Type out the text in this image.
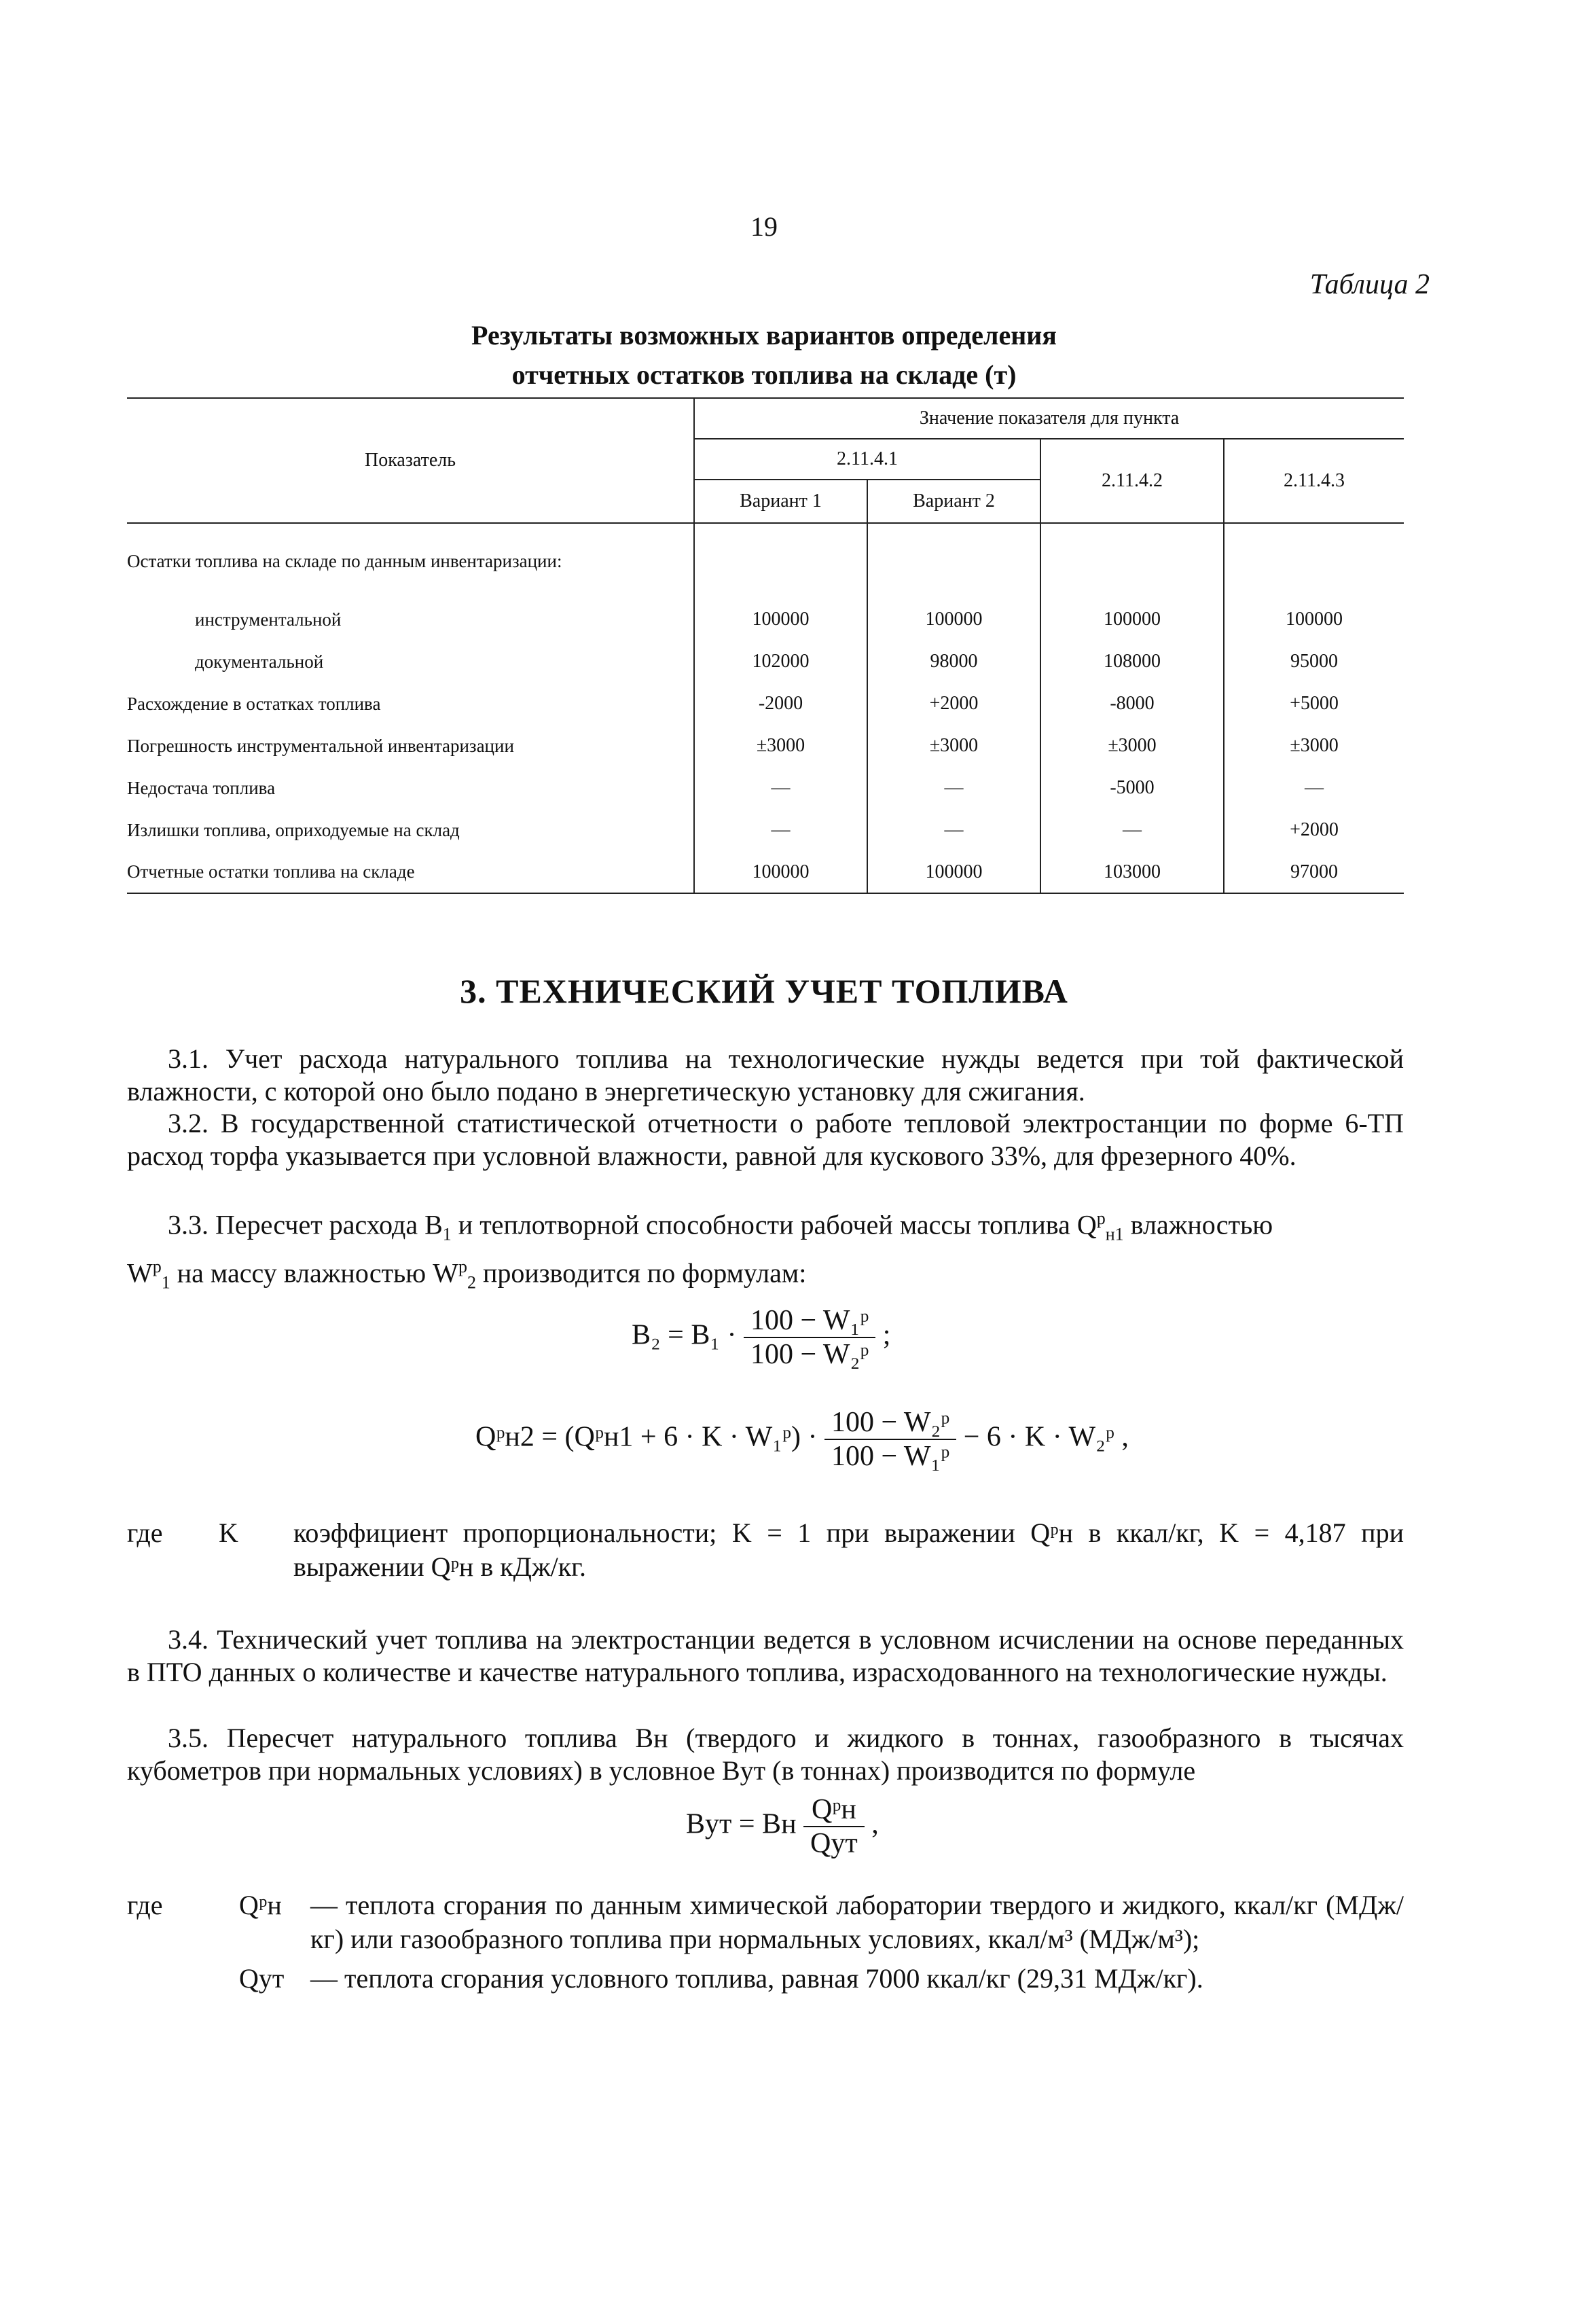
19
Таблица 2
Результаты возможных вариантов определения
отчетных остатков топлива на складе (т)
Показатель	Значение показателя для пункта			
	2.11.4.1		2.11.4.2	2.11.4.3
	Вариант 1	Вариант 2		
Остатки топлива на складе по данным инвентаризации:				
инструментальной	100000	100000	100000	100000
документальной	102000	98000	108000	95000
Расхождение в остатках топлива	-2000	+2000	-8000	+5000
Погрешность инструментальной инвентаризации	±3000	±3000	±3000	±3000
Недостача топлива	—	—	-5000	—
Излишки топлива, оприходуемые на склад	—	—	—	+2000
Отчетные остатки топлива на складе	100000	100000	103000	97000
3. ТЕХНИЧЕСКИЙ УЧЕТ ТОПЛИВА
3.1. Учет расхода натурального топлива на технологические нужды ведется при той фактической влажности, с которой оно было подано в энергетическую установку для сжигания.
3.2. В государственной статистической отчетности о работе тепловой электростанции по форме 6-ТП расход торфа указывается при условной влажности, равной для кускового 33%, для фрезерного 40%.
3.3. Пересчет расхода $B_1$ и теплотворной способности рабочей массы топлива $Q^p_{н1}$ влажностью
$W^p_1$ на массу влажностью $W^p_2$ производится по формулам:
$B_2 = B_1 \cdot \frac{\text{100 − W₁ᵖ}}{\text{100 − W₂ᵖ}}$ ;
Qᵖн2 = (Qᵖн1 + 6 · K · W₁ᵖ) · $\frac{\text{100 − W₂ᵖ}}{\text{100 − W₁ᵖ}} - 6 \cdot K$ · W₂ᵖ ,
где K коэффициент пропорциональности; K = 1 при выражении Qᵖн в ккал/кг, K = 4,187 при выражении Qᵖн в кДж/кг.
3.4. Технический учет топлива на электростанции ведется в условном исчислении на основе переданных в ПТО данных о количестве и качестве натурального топлива, израсходованного на технологические нужды.
3.5. Пересчет натурального топлива Bн (твердого и жидкого в тоннах, газообразного в тысячах кубометров при нормальных условиях) в условное Bут (в тоннах) производится по формуле
Bут = Bн $\frac{\text{Qᵖн}}{\text{Qут}}$ ,
где	Qᵖн — теплота сгорания по данным химической лаборатории твердого и жидкого, ккал/кг (МДж/кг) или газообразного топлива при нормальных условиях, ккал/м³ (МДж/м³);
Qут — теплота сгорания условного топлива, равная 7000 ккал/кг (29,31 МДж/кг).
